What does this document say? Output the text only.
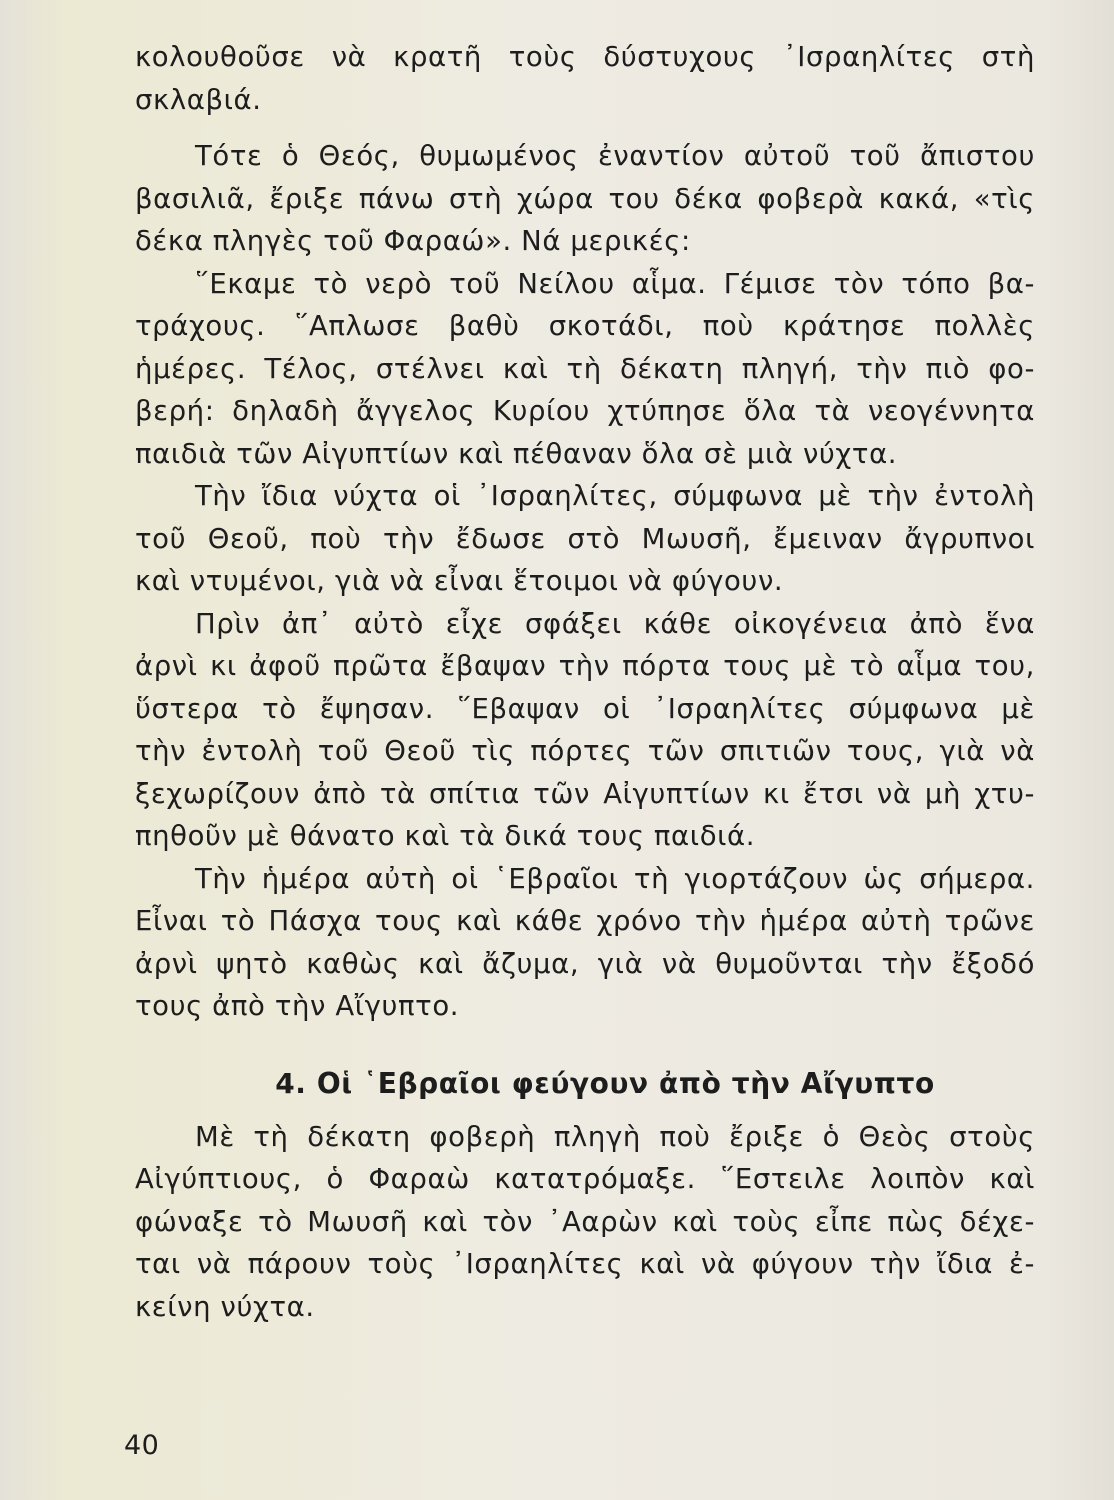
κολουθοῦσε νὰ κρατῆ τοὺς δύστυχους ᾿Ισραηλίτες στὴ
σκλαβιά.
Τότε ὁ Θεός, θυμωμένος ἐναντίον αὐτοῦ τοῦ ἄπιστου
βασιλιᾶ, ἔριξε πάνω στὴ χώρα του δέκα φοβερὰ κακά, «τὶς
δέκα πληγὲς τοῦ Φαραώ». Νά μερικές:
῞Εκαμε τὸ νερὸ τοῦ Νείλου αἷμα. Γέμισε τὸν τόπο βα-
τράχους. ῞Απλωσε βαθὺ σκοτάδι, ποὺ κράτησε πολλὲς
ἡμέρες. Τέλος, στέλνει καὶ τὴ δέκατη πληγή, τὴν πιὸ φο-
βερή: δηλαδὴ ἄγγελος Κυρίου χτύπησε ὅλα τὰ νεογέννητα
παιδιὰ τῶν Αἰγυπτίων καὶ πέθαναν ὅλα σὲ μιὰ νύχτα.
Τὴν ἴδια νύχτα οἱ ᾿Ισραηλίτες, σύμφωνα μὲ τὴν ἐντολὴ
τοῦ Θεοῦ, ποὺ τὴν ἔδωσε στὸ Μωυσῆ, ἔμειναν ἄγρυπνοι
καὶ ντυμένοι, γιὰ νὰ εἶναι ἕτοιμοι νὰ φύγουν.
Πρὶν ἀπ᾿ αὐτὸ εἶχε σφάξει κάθε οἰκογένεια ἀπὸ ἕνα
ἀρνὶ κι ἀφοῦ πρῶτα ἔβαψαν τὴν πόρτα τους μὲ τὸ αἷμα του,
ὕστερα τὸ ἔψησαν. ῞Εβαψαν οἱ ᾿Ισραηλίτες σύμφωνα μὲ
τὴν ἐντολὴ τοῦ Θεοῦ τὶς πόρτες τῶν σπιτιῶν τους, γιὰ νὰ
ξεχωρίζουν ἀπὸ τὰ σπίτια τῶν Αἰγυπτίων κι ἔτσι νὰ μὴ χτυ-
πηθοῦν μὲ θάνατο καὶ τὰ δικά τους παιδιά.
Τὴν ἡμέρα αὐτὴ οἱ ῾Εβραῖοι τὴ γιορτάζουν ὡς σήμερα.
Εἶναι τὸ Πάσχα τους καὶ κάθε χρόνο τὴν ἡμέρα αὐτὴ τρῶνε
ἀρνὶ ψητὸ καθὼς καὶ ἄζυμα, γιὰ νὰ θυμοῦνται τὴν ἔξοδό
τους ἀπὸ τὴν Αἴγυπτο.
4. Οἱ ῾Εβραῖοι φεύγουν ἀπὸ τὴν Αἴγυπτο
Μὲ τὴ δέκατη φοβερὴ πληγὴ ποὺ ἔριξε ὁ Θεὸς στοὺς
Αἰγύπτιους, ὁ Φαραὼ κατατρόμαξε. ῞Εστειλε λοιπὸν καὶ
φώναξε τὸ Μωυσῆ καὶ τὸν ᾿Ααρὼν καὶ τοὺς εἶπε πὼς δέχε-
ται νὰ πάρουν τοὺς ᾿Ισραηλίτες καὶ νὰ φύγουν τὴν ἴδια ἐ-
κείνη νύχτα.
40
